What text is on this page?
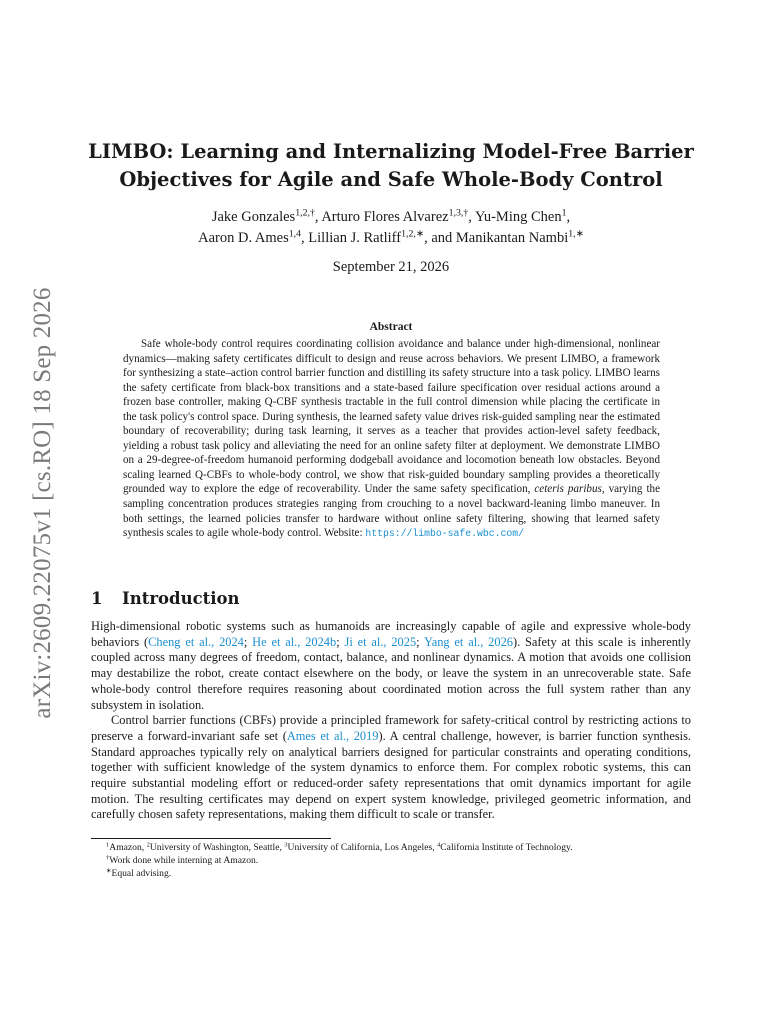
arXiv:2609.22075v1 [cs.RO] 18 Sep 2026
LIMBO: Learning and Internalizing Model-Free Barrier
Objectives for Agile and Safe Whole-Body Control
Jake Gonzales$^{1,2,\dagger}$, Arturo Flores Alvarez$^{1,3,\dagger}$, Yu-Ming Chen$^1$,
Aaron D. Ames$^{1,4}$, Lillian J. Ratliff$^{1,2,∗}$, and Manikantan Nambi$^{1,∗}$
September 21, 2026
Abstract

Safe whole-body control requires coordinating collision avoidance and balance under high-dimensional, nonlinear dynamics—making safety certificates difficult to design and reuse across behaviors. We present LIMBO, a framework for synthesizing a state–action control barrier function and distilling its safety structure into a task policy. LIMBO learns the safety certificate from black-box transitions and a state-based failure specification over residual actions around a frozen base controller, making Q-CBF synthesis tractable in the full control dimension while placing the certificate in the task policy's control space. During synthesis, the learned safety value drives risk-guided sampling near the estimated boundary of recoverability; during task learning, it serves as a teacher that provides action-level safety feedback, yielding a robust task policy and alleviating the need for an online safety filter at deployment. We demonstrate LIMBO on a 29-degree-of-freedom humanoid performing dodgeball avoidance and locomotion beneath low obstacles. Beyond scaling learned Q-CBFs to whole-body control, we show that risk-guided boundary sampling provides a theoretically grounded way to explore the edge of recoverability. Under the same safety specification, ceteris paribus, varying the sampling concentration produces strategies ranging from crouching to a novel backward-leaning limbo maneuver. In both settings, the learned policies transfer to hardware without online safety filtering, showing that learned safety synthesis scales to agile whole-body control. Website: https://limbo-safe.wbc.com/

1 Introduction

High-dimensional robotic systems such as humanoids are increasingly capable of agile and expressive whole-body behaviors (Cheng et al., 2024; He et al., 2024b; Ji et al., 2025; Yang et al., 2026). Safety at this scale is inherently coupled across many degrees of freedom, contact, balance, and nonlinear dynamics. A motion that avoids one collision may destabilize the robot, create contact elsewhere on the body, or leave the system in an unrecoverable state. Safe whole-body control therefore requires reasoning about coordinated motion across the full system rather than any subsystem in isolation.

Control barrier functions (CBFs) provide a principled framework for safety-critical control by restricting actions to preserve a forward-invariant safe set (Ames et al., 2019). A central challenge, however, is barrier function synthesis. Standard approaches typically rely on analytical barriers designed for particular constraints and operating conditions, together with sufficient knowledge of the system dynamics to enforce them. For complex robotic systems, this can require substantial modeling effort or reduced-order safety representations that omit dynamics important for agile motion. The resulting certificates may depend on expert system knowledge, privileged geometric information, and carefully chosen safety representations, making them difficult to scale or transfer.

$^1$Amazon, $^2$University of Washington, Seattle, $^3$University of California, Los Angeles, $^4$California Institute of Technology.
†Work done while interning at Amazon.
∗Equal advising.
